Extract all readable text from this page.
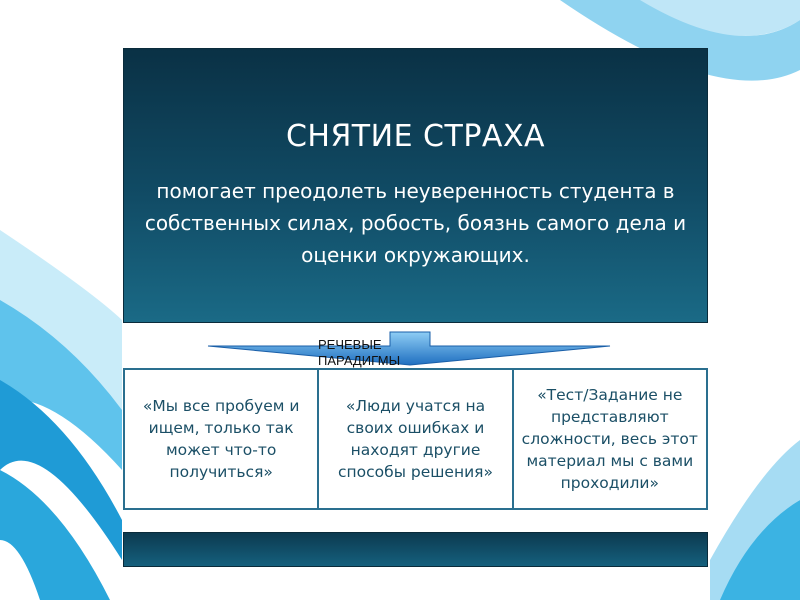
СНЯТИЕ СТРАХА
помогает преодолеть неуверенность студента в собственных силах, робость, боязнь самого дела и оценки окружающих.
РЕЧЕВЫЕ ПАРАДИГМЫ
«Мы все пробуем и ищем, только так может что-то получиться»
«Люди учатся на своих ошибках и находят другие способы решения»
«Тест/Задание не представляют сложности, весь этот материал мы с вами проходили»
